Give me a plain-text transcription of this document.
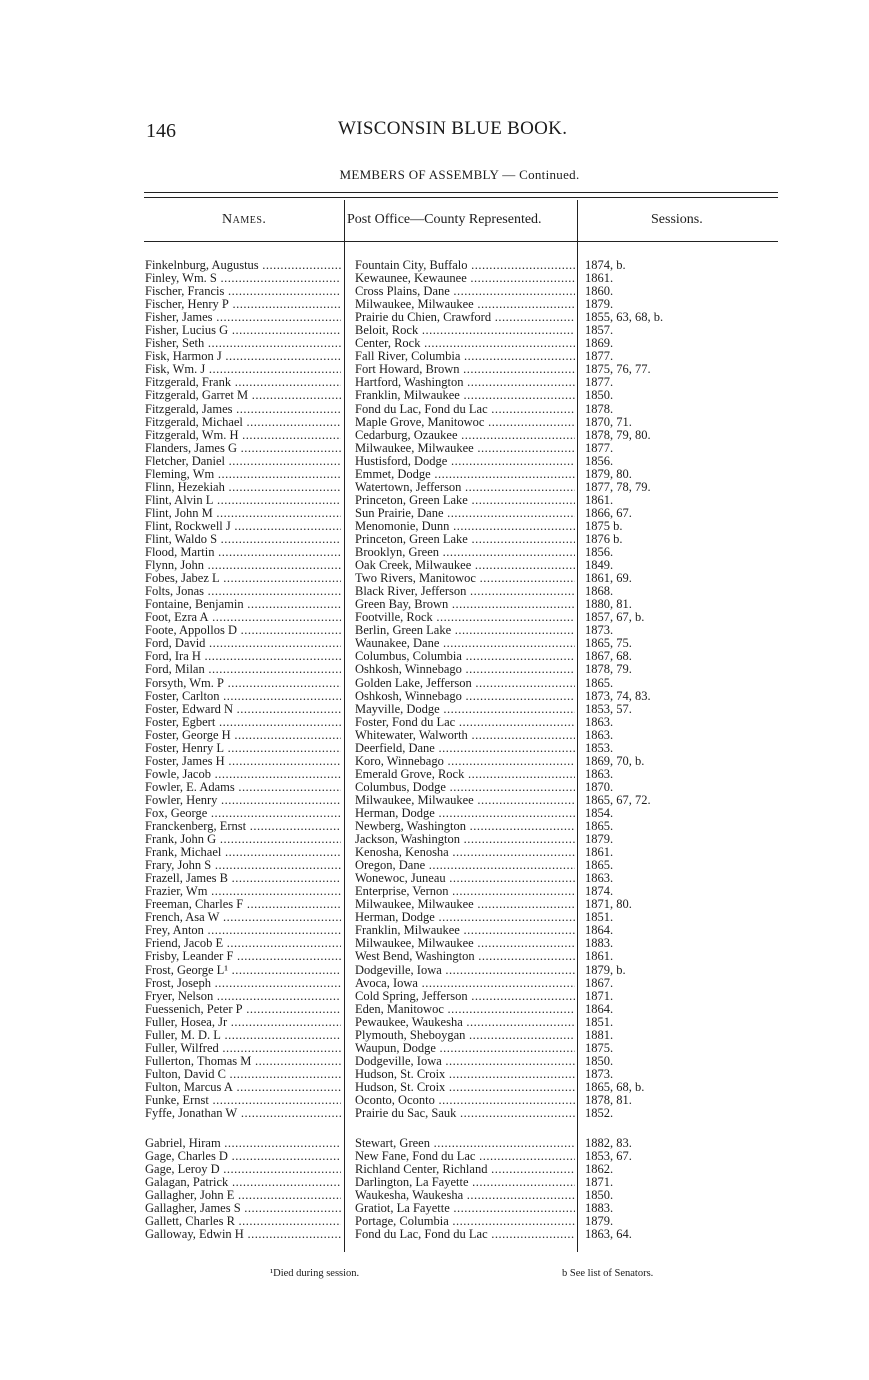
146	WISCONSIN BLUE BOOK.
MEMBERS OF ASSEMBLY — Continued.
Names.	Post Office—County Represented.	Sessions.
Finkelnburg, Augustus .....	Fountain City, Buffalo .....	1874, b.
Finley, Wm. S .....	Kewaunee, Kewaunee .....	1861.
Fischer, Francis .....	Cross Plains, Dane .....	1860.
Fischer, Henry P .....	Milwaukee, Milwaukee .....	1879.
Fisher, James .....	Prairie du Chien, Crawford .....	1855, 63, 68, b.
Fisher, Lucius G .....	Beloit, Rock .....	1857.
Fisher, Seth .....	Center, Rock .....	1869.
Fisk, Harmon J .....	Fall River, Columbia .....	1877.
Fisk, Wm. J .....	Fort Howard, Brown .....	1875, 76, 77.
Fitzgerald, Frank .....	Hartford, Washington .....	1877.
Fitzgerald, Garret M .....	Franklin, Milwaukee .....	1850.
Fitzgerald, James .....	Fond du Lac, Fond du Lac .....	1878.
Fitzgerald, Michael .....	Maple Grove, Manitowoc .....	1870, 71.
Fitzgerald, Wm. H .....	Cedarburg, Ozaukee .....	1878, 79, 80.
Flanders, James G .....	Milwaukee, Milwaukee .....	1877.
Fletcher, Daniel .....	Hustisford, Dodge .....	1856.
Fleming, Wm .....	Emmet, Dodge .....	1879, 80.
Flinn, Hezekiah .....	Watertown, Jefferson .....	1877, 78, 79.
Flint, Alvin L .....	Princeton, Green Lake .....	1861.
Flint, John M .....	Sun Prairie, Dane .....	1866, 67.
Flint, Rockwell J .....	Menomonie, Dunn .....	1875 b.
Flint, Waldo S .....	Princeton, Green Lake .....	1876 b.
Flood, Martin .....	Brooklyn, Green .....	1856.
Flynn, John .....	Oak Creek, Milwaukee .....	1849.
Fobes, Jabez L .....	Two Rivers, Manitowoc .....	1861, 69.
Folts, Jonas .....	Black River, Jefferson .....	1868.
Fontaine, Benjamin .....	Green Bay, Brown .....	1880, 81.
Foot, Ezra A .....	Footville, Rock .....	1857, 67, b.
Foote, Appollos D .....	Berlin, Green Lake .....	1873.
Ford, David .....	Waunakee, Dane .....	1865, 75.
Ford, Ira H .....	Columbus, Columbia .....	1867, 68.
Ford, Milan .....	Oshkosh, Winnebago .....	1878, 79.
Forsyth, Wm. P .....	Golden Lake, Jefferson .....	1865.
Foster, Carlton .....	Oshkosh, Winnebago .....	1873, 74, 83.
Foster, Edward N .....	Mayville, Dodge .....	1853, 57.
Foster, Egbert .....	Foster, Fond du Lac .....	1863.
Foster, George H .....	Whitewater, Walworth .....	1863.
Foster, Henry L .....	Deerfield, Dane .....	1853.
Foster, James H .....	Koro, Winnebago .....	1869, 70, b.
Fowle, Jacob .....	Emerald Grove, Rock .....	1863.
Fowler, E. Adams .....	Columbus, Dodge .....	1870.
Fowler, Henry .....	Milwaukee, Milwaukee .....	1865, 67, 72.
Fox, George .....	Herman, Dodge .....	1854.
Franckenberg, Ernst .....	Newberg, Washington .....	1865.
Frank, John G .....	Jackson, Washington .....	1879.
Frank, Michael .....	Kenosha, Kenosha .....	1861.
Frary, John S .....	Oregon, Dane .....	1865.
Frazell, James B .....	Wonewoc, Juneau .....	1863.
Frazier, Wm .....	Enterprise, Vernon .....	1874.
Freeman, Charles F .....	Milwaukee, Milwaukee .....	1871, 80.
French, Asa W .....	Herman, Dodge .....	1851.
Frey, Anton .....	Franklin, Milwaukee .....	1864.
Friend, Jacob E .....	Milwaukee, Milwaukee .....	1883.
Frisby, Leander F .....	West Bend, Washington .....	1861.
Frost, George L¹ .....	Dodgeville, Iowa .....	1879, b.
Frost, Joseph .....	Avoca, Iowa .....	1867.
Fryer, Nelson .....	Cold Spring, Jefferson .....	1871.
Fuessenich, Peter P .....	Eden, Manitowoc .....	1864.
Fuller, Hosea, Jr .....	Pewaukee, Waukesha .....	1851.
Fuller, M. D. L .....	Plymouth, Sheboygan .....	1881.
Fuller, Wilfred .....	Waupun, Dodge .....	1875.
Fullerton, Thomas M .....	Dodgeville, Iowa .....	1850.
Fulton, David C .....	Hudson, St. Croix .....	1873.
Fulton, Marcus A .....	Hudson, St. Croix .....	1865, 68, b.
Funke, Ernst .....	Oconto, Oconto .....	1878, 81.
Fyffe, Jonathan W .....	Prairie du Sac, Sauk .....	1852.
Gabriel, Hiram .....	Stewart, Green .....	1882, 83.
Gage, Charles D .....	New Fane, Fond du Lac .....	1853, 67.
Gage, Leroy D .....	Richland Center, Richland .....	1862.
Galagan, Patrick .....	Darlington, La Fayette .....	1871.
Gallagher, John E .....	Waukesha, Waukesha .....	1850.
Gallagher, James S .....	Gratiot, La Fayette .....	1883.
Gallett, Charles R .....	Portage, Columbia .....	1879.
Galloway, Edwin H .....	Fond du Lac, Fond du Lac .....	1863, 64.
¹Died during session.	b See list of Senators.
